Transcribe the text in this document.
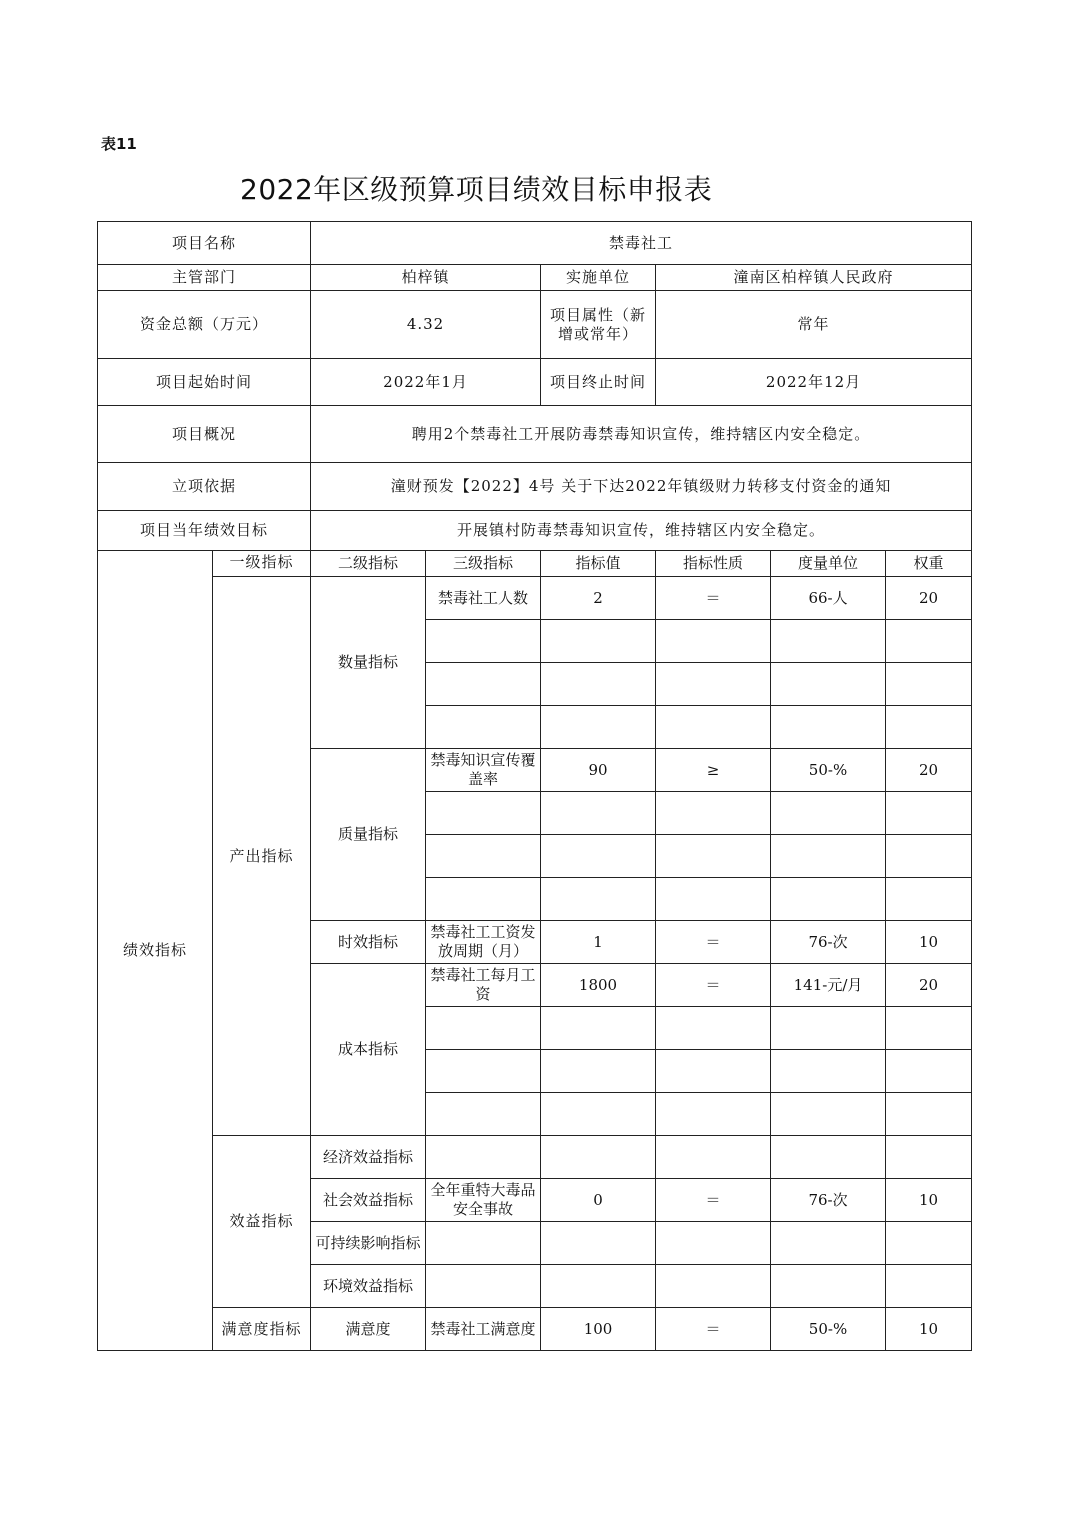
表11
2022年区级预算项目绩效目标申报表
项目名称		禁毒社工					
主管部门		柏梓镇		实施单位	潼南区柏梓镇人民政府		
资金总额（万元）		4.32		项目属性（新增或常年）	常年		
项目起始时间		2022年1月		项目终止时间	2022年12月		
项目概况		聘用2个禁毒社工开展防毒禁毒知识宣传，维持辖区内安全稳定。					
立项依据		潼财预发【2022】4号 关于下达2022年镇级财力转移支付资金的通知					
项目当年绩效目标		开展镇村防毒禁毒知识宣传，维持辖区内安全稳定。					
绩效指标	一级指标	二级指标	三级指标	指标值	指标性质	度量单位	权重
	产出指标	数量指标	禁毒社工人数	2	＝	66-人	20

		质量指标	禁毒知识宣传覆盖率	90	≥	50-%	20

		时效指标	禁毒社工工资发放周期（月）	1	＝	76-次	10
		成本指标	禁毒社工每月工资	1800	＝	141-元/月	20

	效益指标	经济效益指标					
		社会效益指标	全年重特大毒品安全事故	0	＝	76-次	10
		可持续影响指标					
		环境效益指标					
	满意度指标	满意度	禁毒社工满意度	100	＝	50-%	10
